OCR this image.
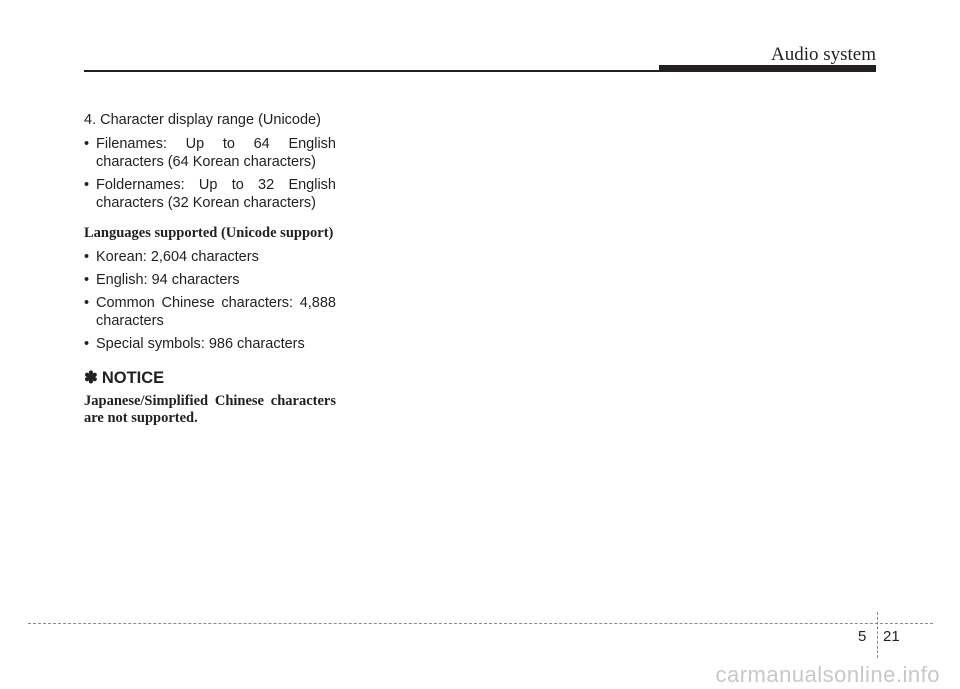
Audio system

4. Character display range (Unicode)

• Filenames: Up to 64 English characters (64 Korean characters)
• Foldernames: Up to 32 English characters (32 Korean characters)
Languages supported (Unicode support)
• Korean: 2,604 characters
• English: 94 characters
• Common Chinese characters: 4,888 characters
• Special symbols: 986 characters
✽ NOTICE
Japanese/Simplified Chinese characters are not supported.
5 21
carmanualsonline.info
